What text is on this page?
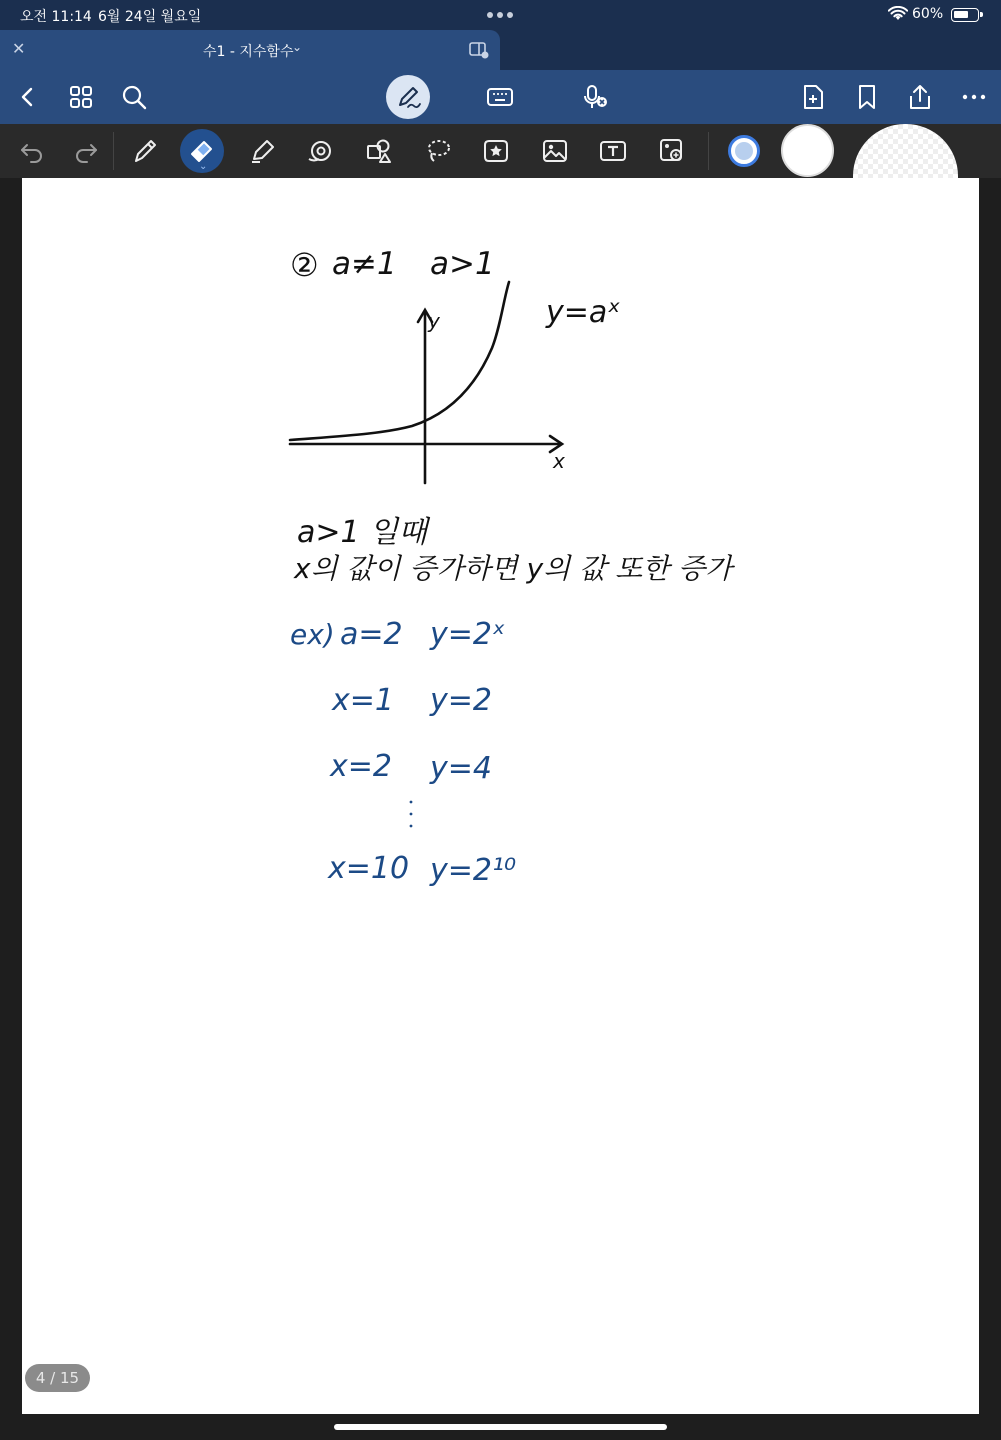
오전 11:14 6월 24일 월요일	60%
✕	수1 - 지수함수
⌄
⌄
② a≠1 a>1
y=aˣ
y
x
a>1 일때
x의 값이 증가하면 y의 값 또한 증가
ex) a=2 y=2ˣ
x=1 y=2
x=2 y=4
x=10 y=2¹⁰
4 / 15
